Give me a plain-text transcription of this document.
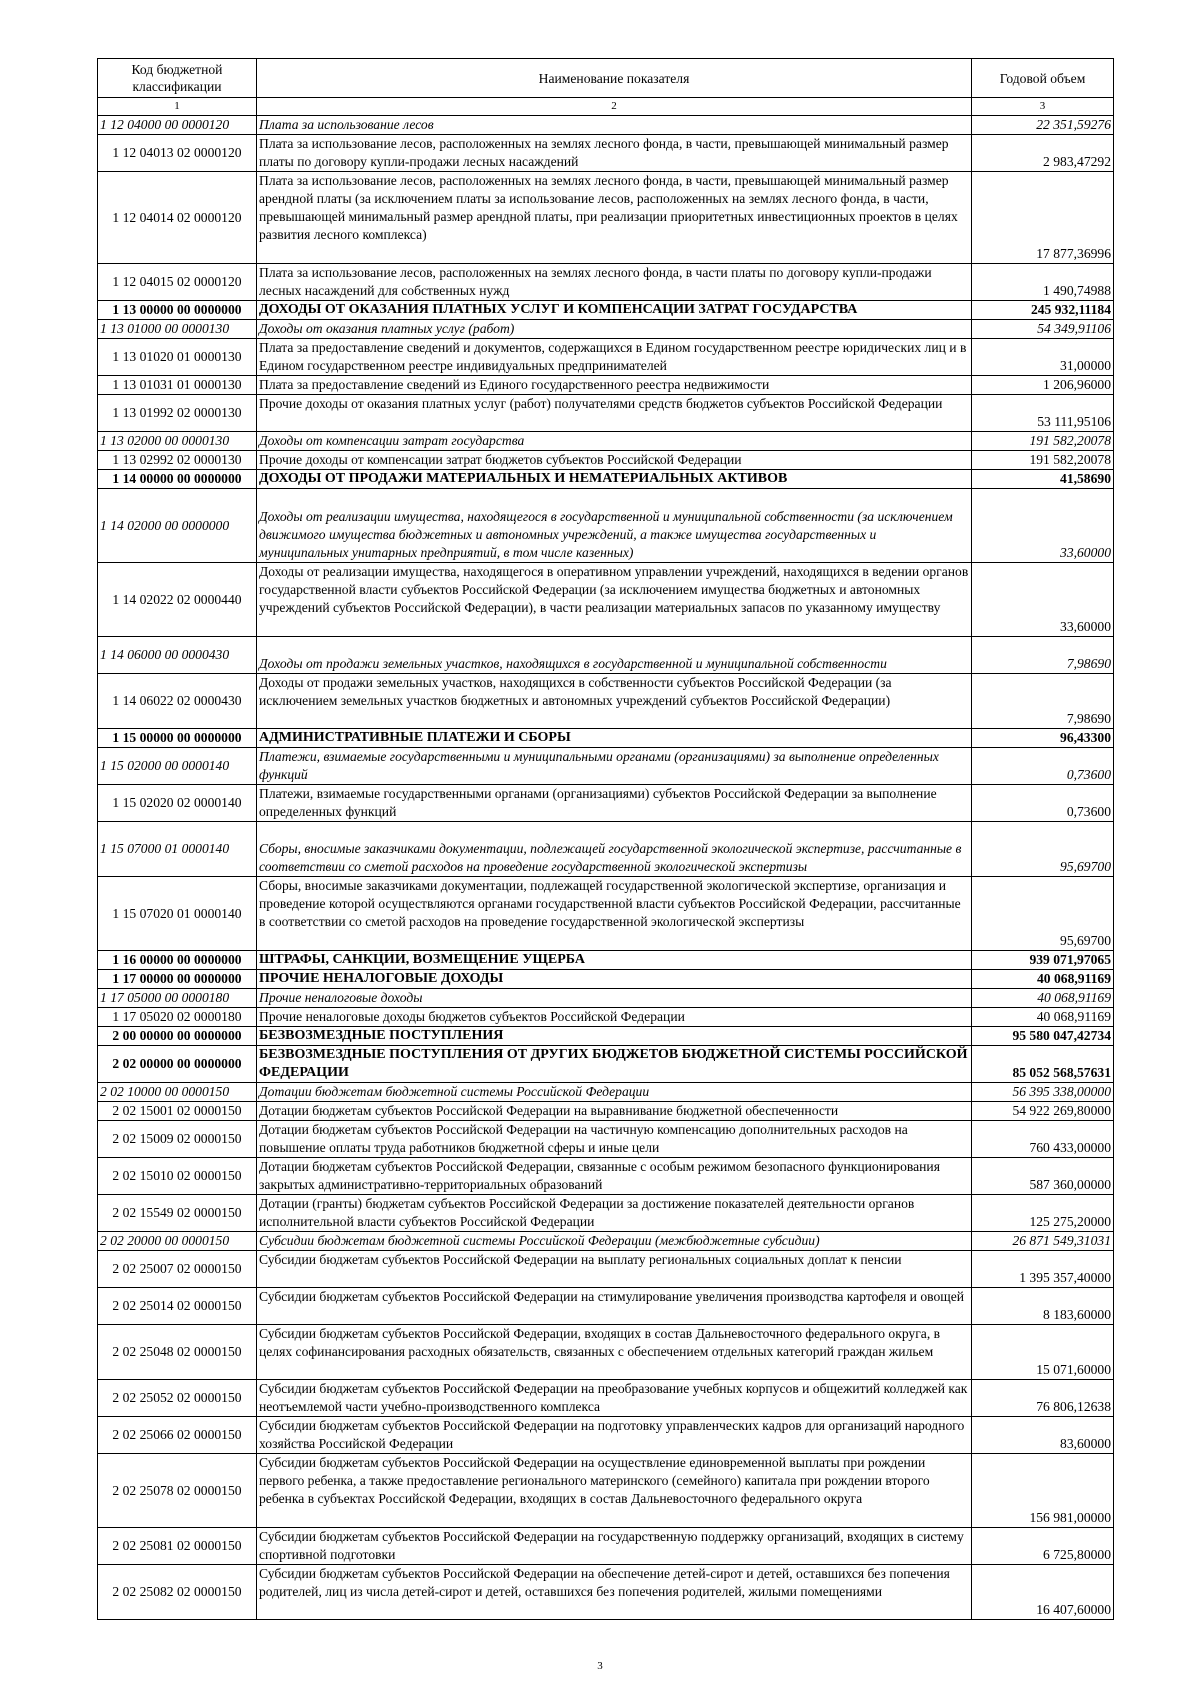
Код бюджетной классификации	Наименование показателя	Годовой объем
1	2	3
1 12 04000 00 0000120	Плата за использование лесов	22 351,59276
1 12 04013 02 0000120	Плата за использование лесов, расположенных на землях лесного фонда, в части, превышающей минимальный размер платы по договору купли-продажи лесных насаждений	2 983,47292
1 12 04014 02 0000120	Плата за использование лесов, расположенных на землях лесного фонда, в части, превышающей минимальный размер арендной платы (за исключением платы за использование лесов, расположенных на землях лесного фонда, в части, превышающей минимальный размер арендной платы, при реализации приоритетных инвестиционных проектов в целях развития лесного комплекса)	17 877,36996
1 12 04015 02 0000120	Плата за использование лесов, расположенных на землях лесного фонда, в части платы по договору купли-продажи лесных насаждений для собственных нужд	1 490,74988
1 13 00000 00 0000000	ДОХОДЫ ОТ ОКАЗАНИЯ ПЛАТНЫХ УСЛУГ И КОМПЕНСАЦИИ ЗАТРАТ ГОСУДАРСТВА	245 932,11184
1 13 01000 00 0000130	Доходы от оказания платных услуг (работ)	54 349,91106
1 13 01020 01 0000130	Плата за предоставление сведений и документов, содержащихся в Едином государственном реестре юридических лиц и в Едином государственном реестре индивидуальных предпринимателей	31,00000
1 13 01031 01 0000130	Плата за предоставление сведений из Единого государственного реестра недвижимости	1 206,96000
1 13 01992 02 0000130	Прочие доходы от оказания платных услуг (работ) получателями средств бюджетов субъектов Российской Федерации	53 111,95106
1 13 02000 00 0000130	Доходы от компенсации затрат государства	191 582,20078
1 13 02992 02 0000130	Прочие доходы от компенсации затрат бюджетов субъектов Российской Федерации	191 582,20078
1 14 00000 00 0000000	ДОХОДЫ ОТ ПРОДАЖИ МАТЕРИАЛЬНЫХ И НЕМАТЕРИАЛЬНЫХ АКТИВОВ	41,58690
1 14 02000 00 0000000	Доходы от реализации имущества, находящегося в государственной и муниципальной собственности (за исключением движимого имущества бюджетных и автономных учреждений, а также имущества государственных и муниципальных унитарных предприятий, в том числе казенных)	33,60000
1 14 02022 02 0000440	Доходы от реализации имущества, находящегося в оперативном управлении учреждений, находящихся в ведении органов государственной власти субъектов Российской Федерации (за исключением имущества бюджетных и автономных учреждений субъектов Российской Федерации), в части реализации материальных запасов по указанному имуществу	33,60000
1 14 06000 00 0000430	Доходы от продажи земельных участков, находящихся в государственной и муниципальной собственности	7,98690
1 14 06022 02 0000430	Доходы от продажи земельных участков, находящихся в собственности субъектов Российской Федерации (за исключением земельных участков бюджетных и автономных учреждений субъектов Российской Федерации)	7,98690
1 15 00000 00 0000000	АДМИНИСТРАТИВНЫЕ ПЛАТЕЖИ И СБОРЫ	96,43300
1 15 02000 00 0000140	Платежи, взимаемые государственными и муниципальными органами (организациями) за выполнение определенных функций	0,73600
1 15 02020 02 0000140	Платежи, взимаемые государственными органами (организациями) субъектов Российской Федерации за выполнение определенных функций	0,73600
1 15 07000 01 0000140	Сборы, вносимые заказчиками документации, подлежащей государственной экологической экспертизе, рассчитанные в соответствии со сметой расходов на проведение государственной экологической экспертизы	95,69700
1 15 07020 01 0000140	Сборы, вносимые заказчиками документации, подлежащей государственной экологической экспертизе, организация и проведение которой осуществляются органами государственной власти субъектов Российской Федерации, рассчитанные в соответствии со сметой расходов на проведение государственной экологической экспертизы	95,69700
1 16 00000 00 0000000	ШТРАФЫ, САНКЦИИ, ВОЗМЕЩЕНИЕ УЩЕРБА	939 071,97065
1 17 00000 00 0000000	ПРОЧИЕ НЕНАЛОГОВЫЕ ДОХОДЫ	40 068,91169
1 17 05000 00 0000180	Прочие неналоговые доходы	40 068,91169
1 17 05020 02 0000180	Прочие неналоговые доходы бюджетов субъектов Российской Федерации	40 068,91169
2 00 00000 00 0000000	БЕЗВОЗМЕЗДНЫЕ ПОСТУПЛЕНИЯ	95 580 047,42734
2 02 00000 00 0000000	БЕЗВОЗМЕЗДНЫЕ ПОСТУПЛЕНИЯ ОТ ДРУГИХ БЮДЖЕТОВ БЮДЖЕТНОЙ СИСТЕМЫ РОССИЙСКОЙ ФЕДЕРАЦИИ	85 052 568,57631
2 02 10000 00 0000150	Дотации бюджетам бюджетной системы Российской Федерации	56 395 338,00000
2 02 15001 02 0000150	Дотации бюджетам субъектов Российской Федерации на выравнивание бюджетной обеспеченности	54 922 269,80000
2 02 15009 02 0000150	Дотации бюджетам субъектов Российской Федерации на частичную компенсацию дополнительных расходов на повышение оплаты труда работников бюджетной сферы и иные цели	760 433,00000
2 02 15010 02 0000150	Дотации бюджетам субъектов Российской Федерации, связанные с особым режимом безопасного функционирования закрытых административно-территориальных образований	587 360,00000
2 02 15549 02 0000150	Дотации (гранты) бюджетам субъектов Российской Федерации за достижение показателей деятельности органов исполнительной власти субъектов Российской Федерации	125 275,20000
2 02 20000 00 0000150	Субсидии бюджетам бюджетной системы Российской Федерации (межбюджетные субсидии)	26 871 549,31031
2 02 25007 02 0000150	Субсидии бюджетам субъектов Российской Федерации на выплату региональных социальных доплат к пенсии	1 395 357,40000
2 02 25014 02 0000150	Субсидии бюджетам субъектов Российской Федерации на стимулирование увеличения производства картофеля и овощей	8 183,60000
2 02 25048 02 0000150	Субсидии бюджетам субъектов Российской Федерации, входящих в состав Дальневосточного федерального округа, в целях софинансирования расходных обязательств, связанных с обеспечением отдельных категорий граждан жильем	15 071,60000
2 02 25052 02 0000150	Субсидии бюджетам субъектов Российской Федерации на преобразование учебных корпусов и общежитий колледжей как неотъемлемой части учебно-производственного комплекса	76 806,12638
2 02 25066 02 0000150	Субсидии бюджетам субъектов Российской Федерации на подготовку управленческих кадров для организаций народного хозяйства Российской Федерации	83,60000
2 02 25078 02 0000150	Субсидии бюджетам субъектов Российской Федерации на осуществление единовременной выплаты при рождении первого ребенка, а также предоставление регионального материнского (семейного) капитала при рождении второго ребенка в субъектах Российской Федерации, входящих в состав Дальневосточного федерального округа	156 981,00000
2 02 25081 02 0000150	Субсидии бюджетам субъектов Российской Федерации на государственную поддержку организаций, входящих в систему спортивной подготовки	6 725,80000
2 02 25082 02 0000150	Субсидии бюджетам субъектов Российской Федерации на обеспечение детей-сирот и детей, оставшихся без попечения родителей, лиц из числа детей-сирот и детей, оставшихся без попечения родителей, жилыми помещениями	16 407,60000
3
